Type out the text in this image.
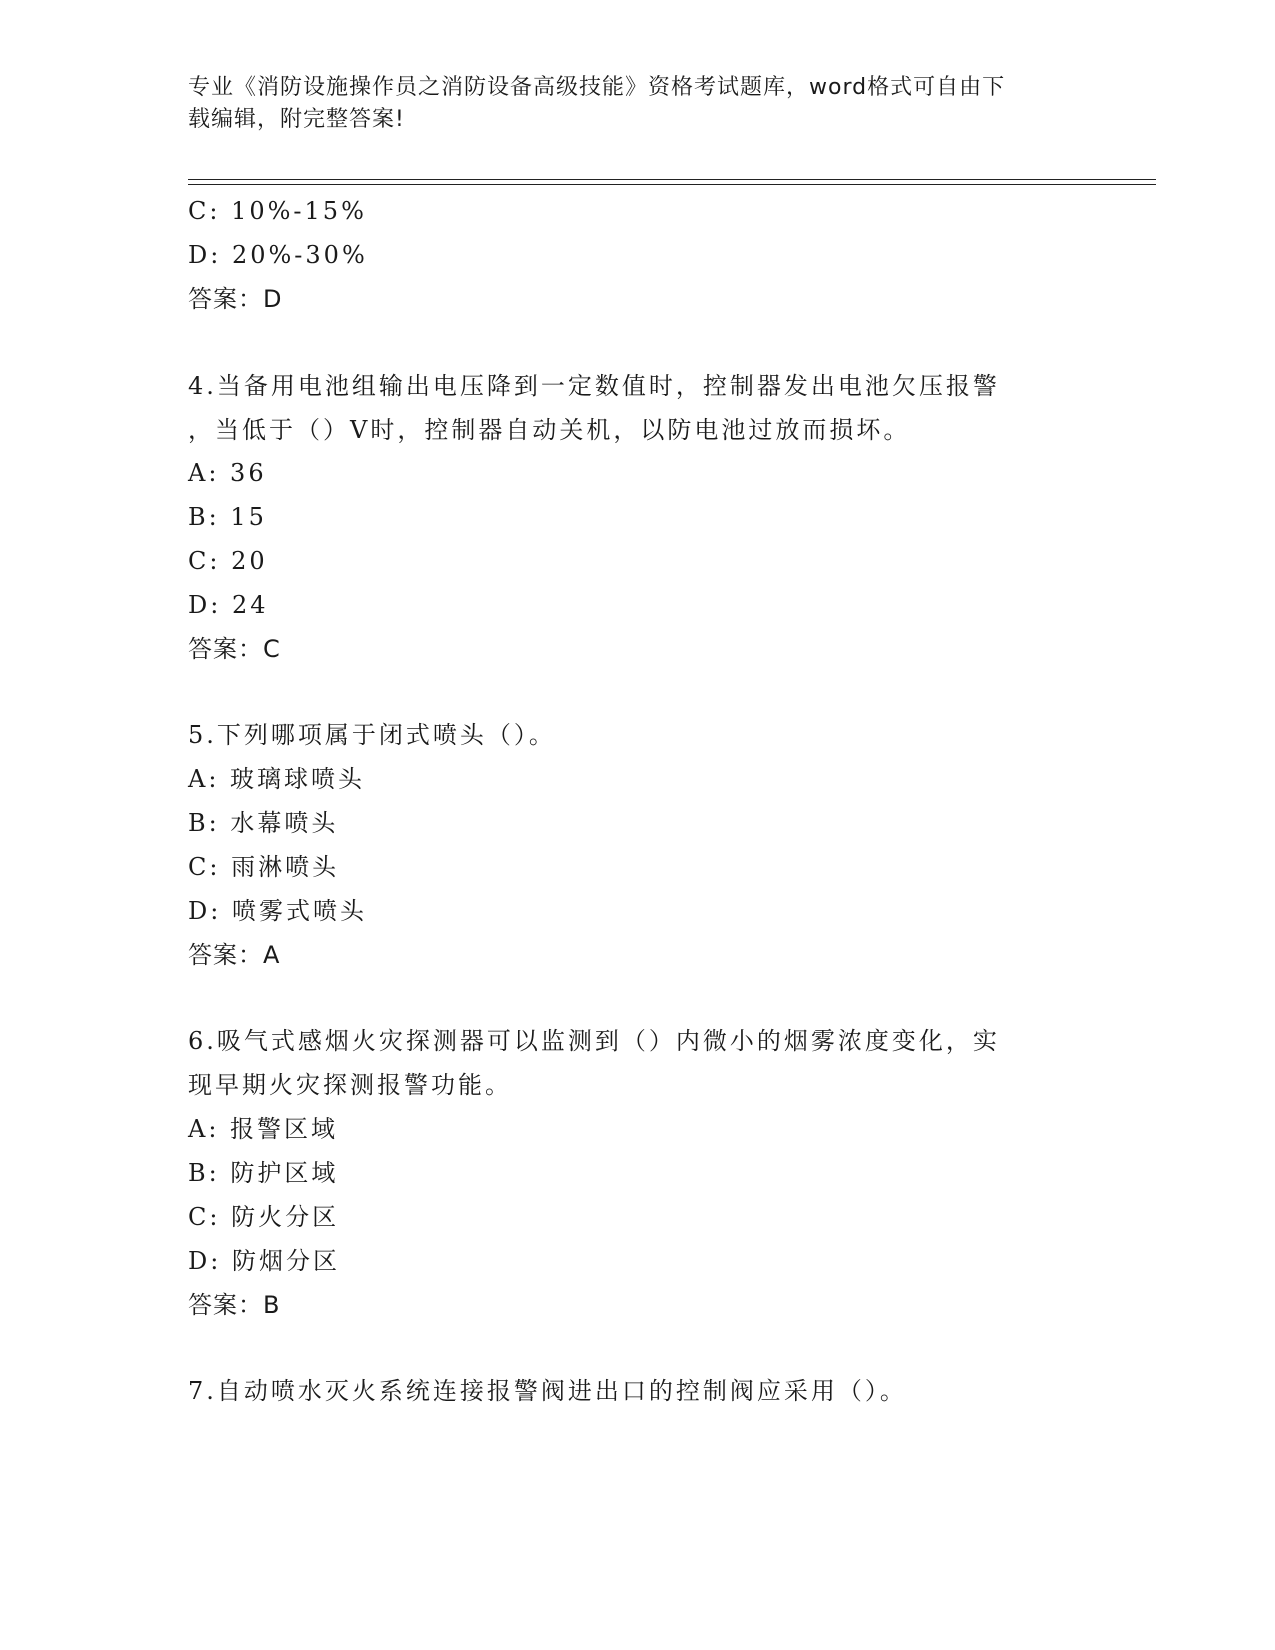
专业《消防设施操作员之消防设备高级技能》资格考试题库，word格式可自由下
载编辑，附完整答案!
C: 10%-15%
D: 20%-30%
答案：D
4.当备用电池组输出电压降到一定数值时，控制器发出电池欠压报警
，当低于（）V时，控制器自动关机，以防电池过放而损坏。
A: 36
B: 15
C: 20
D: 24
答案：C
5.下列哪项属于闭式喷头（）。
A: 玻璃球喷头
B: 水幕喷头
C: 雨淋喷头
D: 喷雾式喷头
答案：A
6.吸气式感烟火灾探测器可以监测到（）内微小的烟雾浓度变化，实
现早期火灾探测报警功能。
A: 报警区域
B: 防护区域
C: 防火分区
D: 防烟分区
答案：B
7.自动喷水灭火系统连接报警阀进出口的控制阀应采用（）。
